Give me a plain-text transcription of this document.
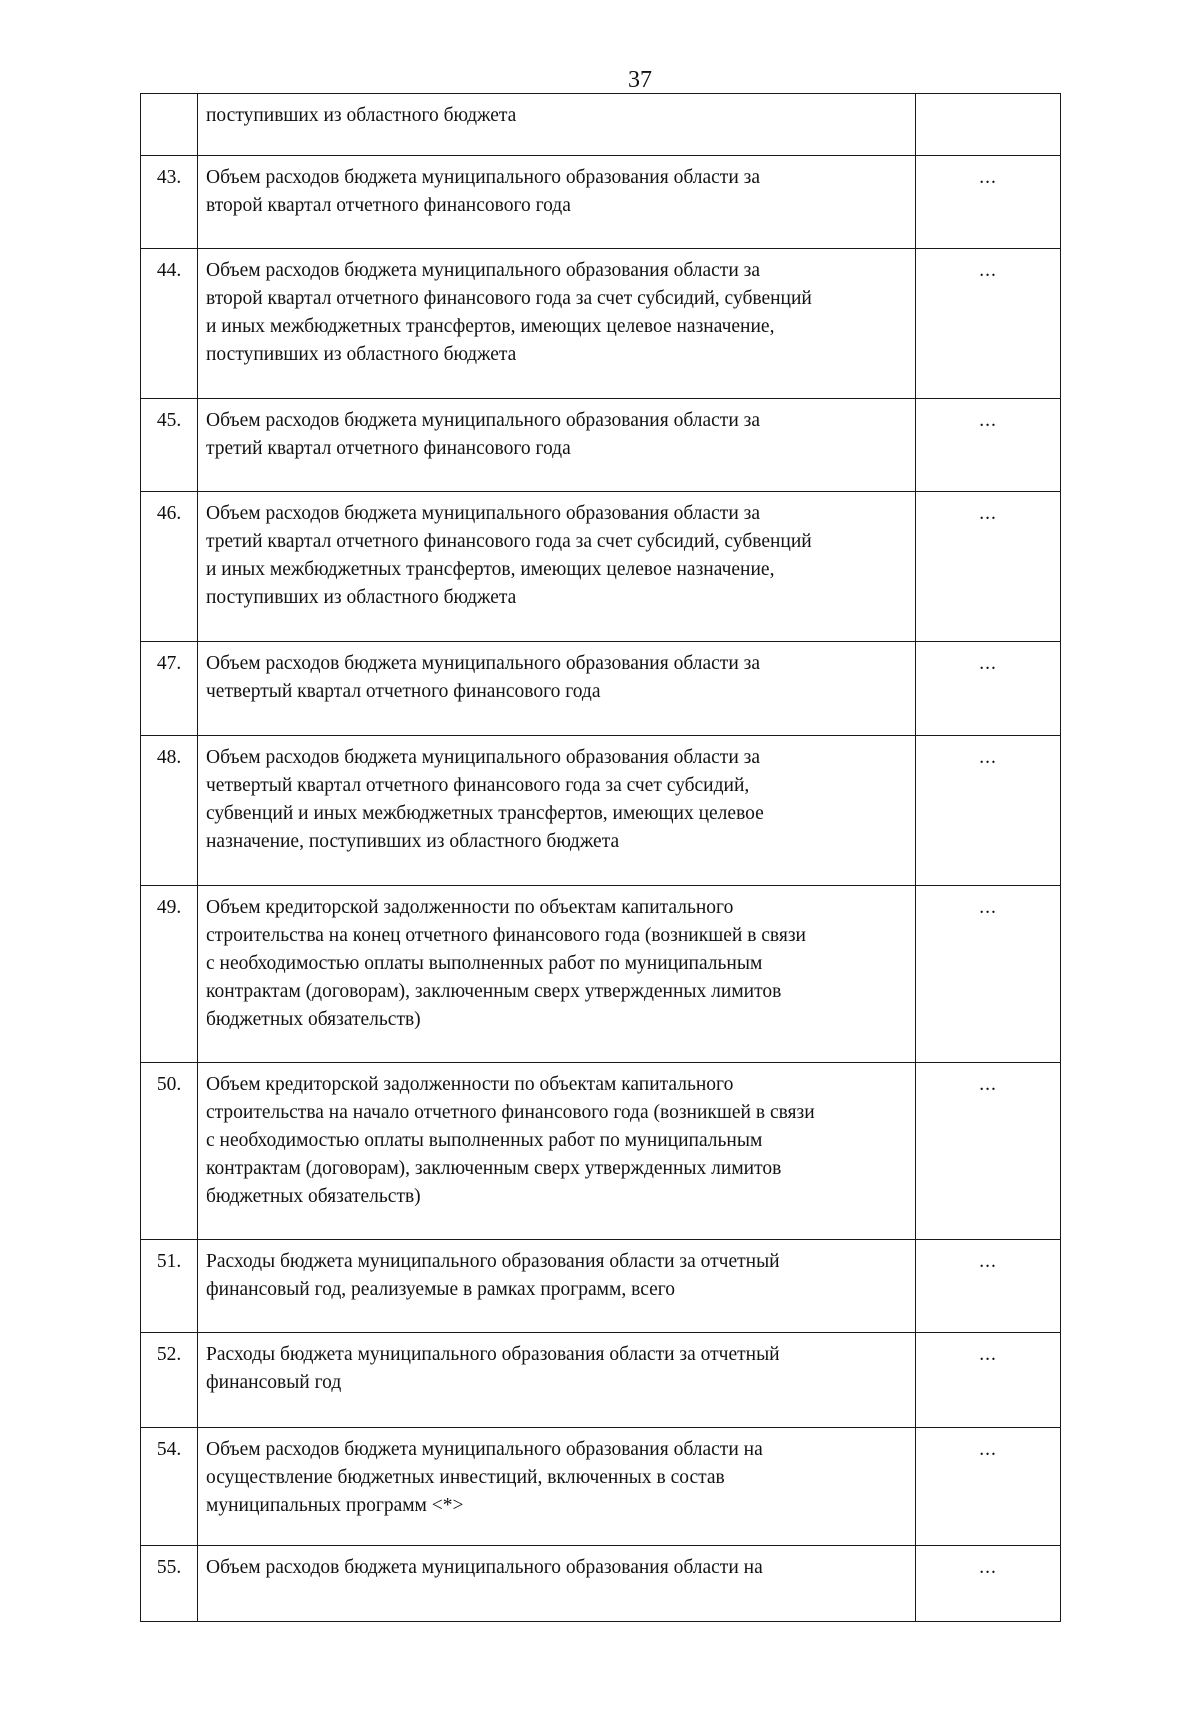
37
	поступивших из областного бюджета	
43.	Объем расходов бюджета муниципального образования области за
второй квартал отчетного финансового года	...
44.	Объем расходов бюджета муниципального образования области за
второй квартал отчетного финансового года за счет субсидий, субвенций
и иных межбюджетных трансфертов, имеющих целевое назначение,
поступивших из областного бюджета	...
45.	Объем расходов бюджета муниципального образования области за
третий квартал отчетного финансового года	...
46.	Объем расходов бюджета муниципального образования области за
третий квартал отчетного финансового года за счет субсидий, субвенций
и иных межбюджетных трансфертов, имеющих целевое назначение,
поступивших из областного бюджета	...
47.	Объем расходов бюджета муниципального образования области за
четвертый квартал отчетного финансового года	...
48.	Объем расходов бюджета муниципального образования области за
четвертый квартал отчетного финансового года за счет субсидий,
субвенций и иных межбюджетных трансфертов, имеющих целевое
назначение, поступивших из областного бюджета	...
49.	Объем кредиторской задолженности по объектам капитального
строительства на конец отчетного финансового года (возникшей в связи
с необходимостью оплаты выполненных работ по муниципальным
контрактам (договорам), заключенным сверх утвержденных лимитов
бюджетных обязательств)	...
50.	Объем кредиторской задолженности по объектам капитального
строительства на начало отчетного финансового года (возникшей в связи
с необходимостью оплаты выполненных работ по муниципальным
контрактам (договорам), заключенным сверх утвержденных лимитов
бюджетных обязательств)	...
51.	Расходы бюджета муниципального образования области за отчетный
финансовый год, реализуемые в рамках программ, всего	...
52.	Расходы бюджета муниципального образования области за отчетный
финансовый год	...
54.	Объем расходов бюджета муниципального образования области на
осуществление бюджетных инвестиций, включенных в состав
муниципальных программ <*>	...
55.	Объем расходов бюджета муниципального образования области на	...
